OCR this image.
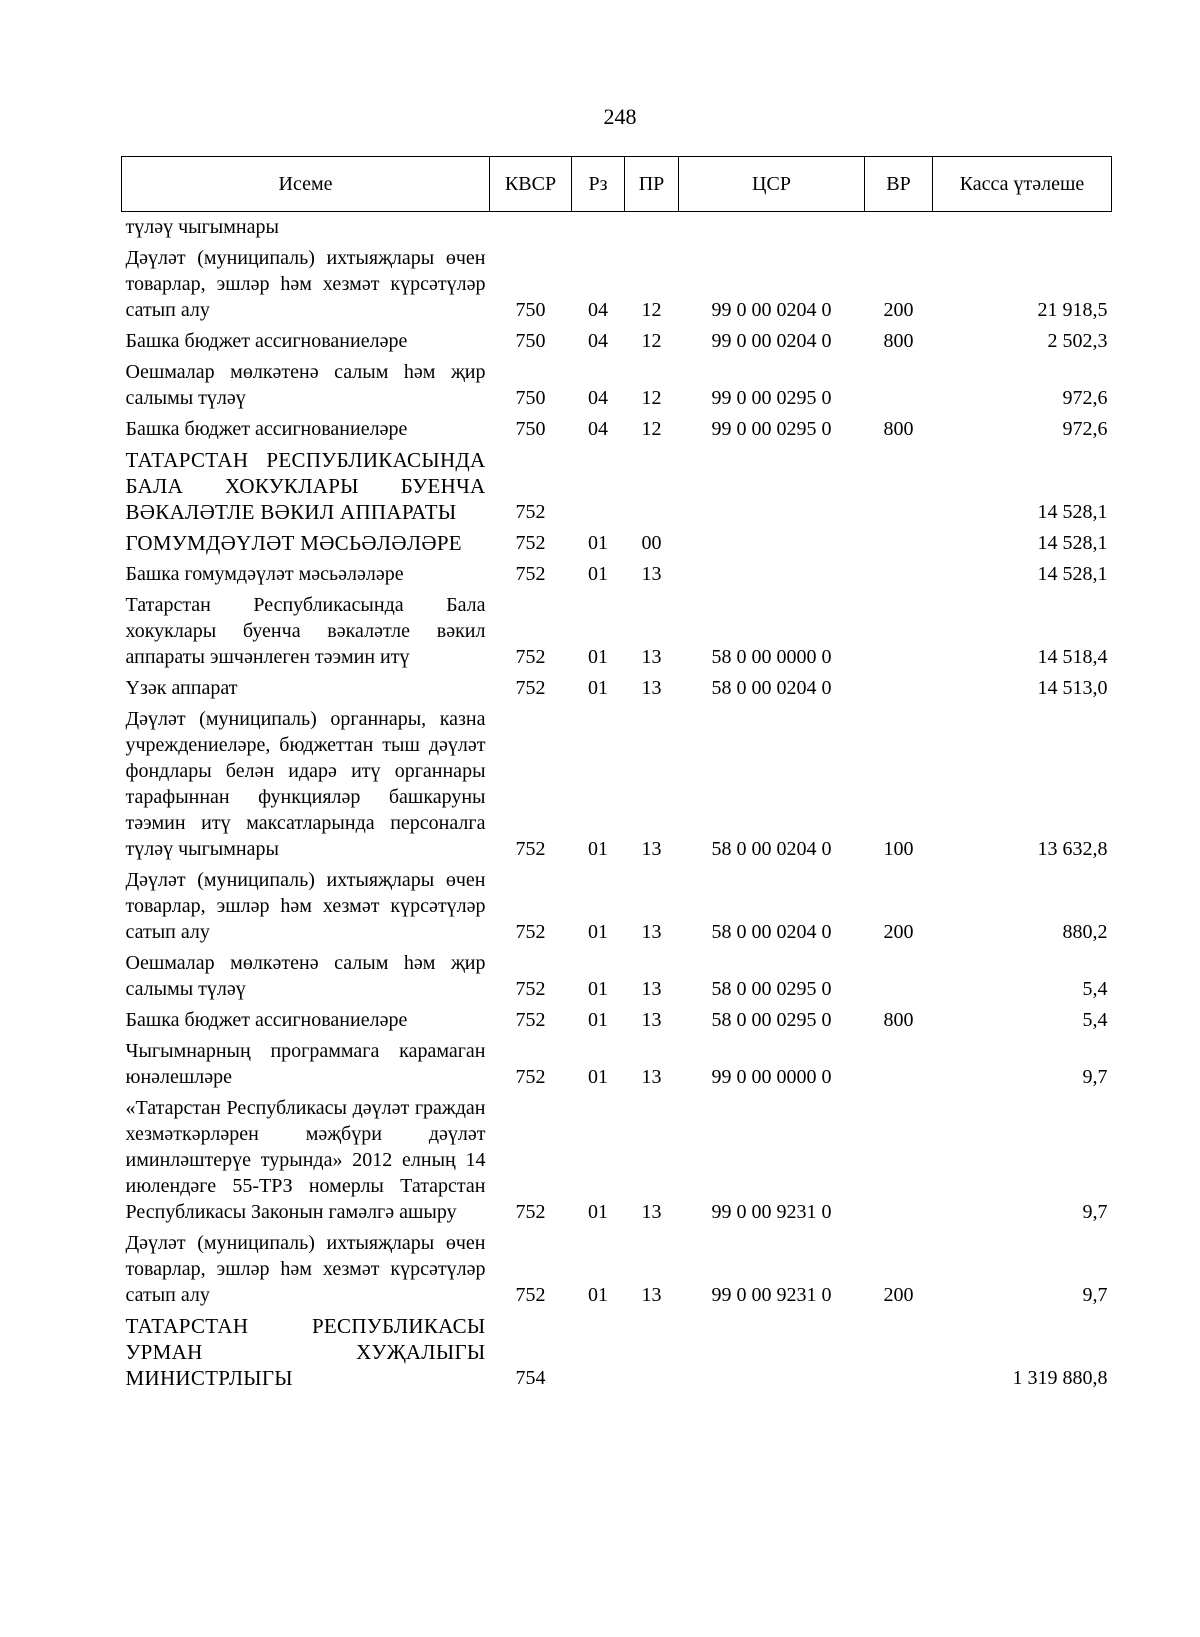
248
Исеме	КВСР	Рз	ПР	ЦСР	ВР	Касса үтәлеше
түләү чыгымнары						
Дәүләт (муниципаль) ихтыяҗлары өчен товарлар, эшләр һәм хезмәт күрсәтүләр сатып алу	750	04	12	99 0 00 0204 0	200	21 918,5
Башка бюджет ассигнованиеләре	750	04	12	99 0 00 0204 0	800	2 502,3
Оешмалар мөлкәтенә салым һәм җир салымы түләү	750	04	12	99 0 00 0295 0		972,6
Башка бюджет ассигнованиеләре	750	04	12	99 0 00 0295 0	800	972,6
ТАТАРСТАН РЕСПУБЛИКАСЫНДА БАЛА ХОКУКЛАРЫ БУЕНЧА ВӘКАЛӘТЛЕ ВӘКИЛ АППАРАТЫ	752					14 528,1
ГОМУМДӘҮЛӘТ МӘСЬӘЛӘЛӘРЕ	752	01	00			14 528,1
Башка гомумдәүләт мәсьәләләре	752	01	13			14 528,1
Татарстан Республикасында Бала хокуклары буенча вәкаләтле вәкил аппараты эшчәнлеген тәэмин итү	752	01	13	58 0 00 0000 0		14 518,4
Үзәк аппарат	752	01	13	58 0 00 0204 0		14 513,0
Дәүләт (муниципаль) органнары, казна учреждениеләре, бюджеттан тыш дәүләт фондлары белән идарә итү органнары тарафыннан функцияләр башкаруны тәэмин итү максатларында персоналга түләү чыгымнары	752	01	13	58 0 00 0204 0	100	13 632,8
Дәүләт (муниципаль) ихтыяҗлары өчен товарлар, эшләр һәм хезмәт күрсәтүләр сатып алу	752	01	13	58 0 00 0204 0	200	880,2
Оешмалар мөлкәтенә салым һәм җир салымы түләү	752	01	13	58 0 00 0295 0		5,4
Башка бюджет ассигнованиеләре	752	01	13	58 0 00 0295 0	800	5,4
Чыгымнарның программага карамаган юнәлешләре	752	01	13	99 0 00 0000 0		9,7
«Татарстан Республикасы дәүләт граждан хезмәткәрләрен мәҗбүри дәүләт иминләштерүе турында» 2012 елның 14 июлендәге 55-ТРЗ номерлы Татарстан Республикасы Законын гамәлгә ашыру	752	01	13	99 0 00 9231 0		9,7
Дәүләт (муниципаль) ихтыяҗлары өчен товарлар, эшләр һәм хезмәт күрсәтүләр сатып алу	752	01	13	99 0 00 9231 0	200	9,7
ТАТАРСТАН РЕСПУБЛИКАСЫ УРМАН ХУҖАЛЫГЫ МИНИСТРЛЫГЫ	754					1 319 880,8
